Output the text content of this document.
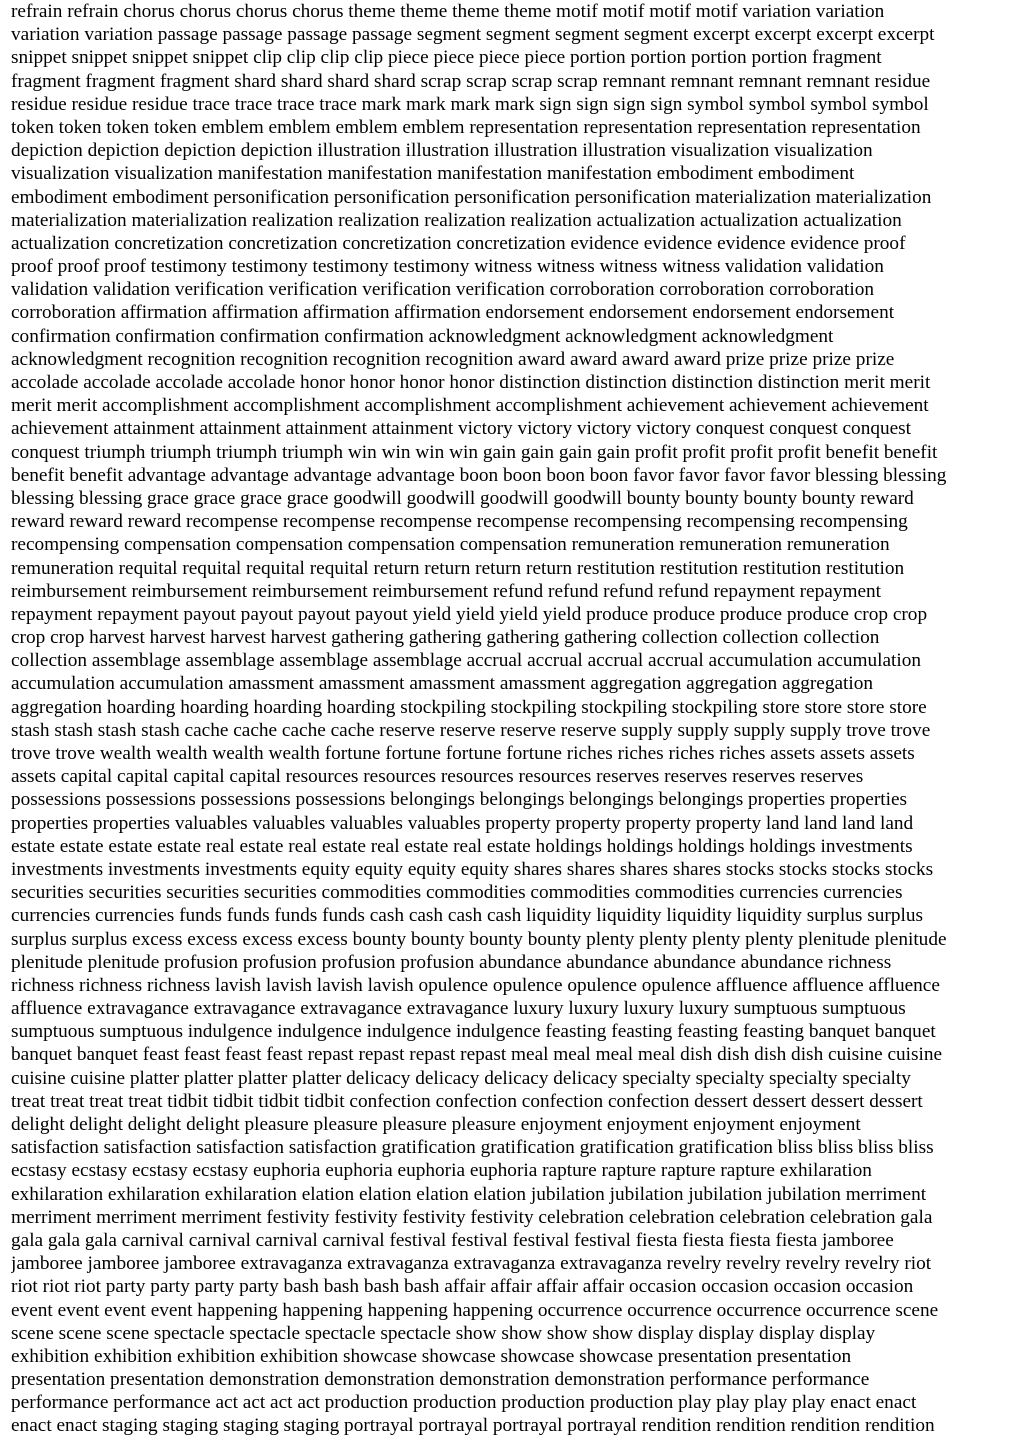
refrain refrain chorus chorus chorus chorus theme theme theme theme motif motif motif motif variation variation
variation variation passage passage passage passage segment segment segment segment excerpt excerpt excerpt excerpt
snippet snippet snippet snippet clip clip clip clip piece piece piece piece portion portion portion portion fragment
fragment fragment fragment shard shard shard shard scrap scrap scrap scrap remnant remnant remnant remnant residue
residue residue residue trace trace trace trace mark mark mark mark sign sign sign sign symbol symbol symbol symbol
token token token token emblem emblem emblem emblem representation representation representation representation
depiction depiction depiction depiction illustration illustration illustration illustration visualization visualization
visualization visualization manifestation manifestation manifestation manifestation embodiment embodiment
embodiment embodiment personification personification personification personification materialization materialization
materialization materialization realization realization realization realization actualization actualization actualization
actualization concretization concretization concretization concretization evidence evidence evidence evidence proof
proof proof proof testimony testimony testimony testimony witness witness witness witness validation validation
validation validation verification verification verification verification corroboration corroboration corroboration
corroboration affirmation affirmation affirmation affirmation endorsement endorsement endorsement endorsement
confirmation confirmation confirmation confirmation acknowledgment acknowledgment acknowledgment
acknowledgment recognition recognition recognition recognition award award award award prize prize prize prize
accolade accolade accolade accolade honor honor honor honor distinction distinction distinction distinction merit merit
merit merit accomplishment accomplishment accomplishment accomplishment achievement achievement achievement
achievement attainment attainment attainment attainment victory victory victory victory conquest conquest conquest
conquest triumph triumph triumph triumph win win win win gain gain gain gain profit profit profit profit benefit benefit
benefit benefit advantage advantage advantage advantage boon boon boon boon favor favor favor favor blessing blessing
blessing blessing grace grace grace grace goodwill goodwill goodwill goodwill bounty bounty bounty bounty reward
reward reward reward recompense recompense recompense recompense recompensing recompensing recompensing
recompensing compensation compensation compensation compensation remuneration remuneration remuneration
remuneration requital requital requital requital return return return return restitution restitution restitution restitution
reimbursement reimbursement reimbursement reimbursement refund refund refund refund repayment repayment
repayment repayment payout payout payout payout yield yield yield yield produce produce produce produce crop crop
crop crop harvest harvest harvest harvest gathering gathering gathering gathering collection collection collection
collection assemblage assemblage assemblage assemblage accrual accrual accrual accrual accumulation accumulation
accumulation accumulation amassment amassment amassment amassment aggregation aggregation aggregation
aggregation hoarding hoarding hoarding hoarding stockpiling stockpiling stockpiling stockpiling store store store store
stash stash stash stash cache cache cache cache reserve reserve reserve reserve supply supply supply supply trove trove
trove trove wealth wealth wealth wealth fortune fortune fortune fortune riches riches riches riches assets assets assets
assets capital capital capital capital resources resources resources resources reserves reserves reserves reserves
possessions possessions possessions possessions belongings belongings belongings belongings properties properties
properties properties valuables valuables valuables valuables property property property property land land land land
estate estate estate estate real estate real estate real estate real estate holdings holdings holdings holdings investments
investments investments investments equity equity equity equity shares shares shares shares stocks stocks stocks stocks
securities securities securities securities commodities commodities commodities commodities currencies currencies
currencies currencies funds funds funds funds cash cash cash cash liquidity liquidity liquidity liquidity surplus surplus
surplus surplus excess excess excess excess bounty bounty bounty bounty plenty plenty plenty plenty plenitude plenitude
plenitude plenitude profusion profusion profusion profusion abundance abundance abundance abundance richness
richness richness richness lavish lavish lavish lavish opulence opulence opulence opulence affluence affluence affluence
affluence extravagance extravagance extravagance extravagance luxury luxury luxury luxury sumptuous sumptuous
sumptuous sumptuous indulgence indulgence indulgence indulgence feasting feasting feasting feasting banquet banquet
banquet banquet feast feast feast feast repast repast repast repast meal meal meal meal dish dish dish dish cuisine cuisine
cuisine cuisine platter platter platter platter delicacy delicacy delicacy delicacy specialty specialty specialty specialty
treat treat treat treat tidbit tidbit tidbit tidbit confection confection confection confection dessert dessert dessert dessert
delight delight delight delight pleasure pleasure pleasure pleasure enjoyment enjoyment enjoyment enjoyment
satisfaction satisfaction satisfaction satisfaction gratification gratification gratification gratification bliss bliss bliss bliss
ecstasy ecstasy ecstasy ecstasy euphoria euphoria euphoria euphoria rapture rapture rapture rapture exhilaration
exhilaration exhilaration exhilaration elation elation elation elation jubilation jubilation jubilation jubilation merriment
merriment merriment merriment festivity festivity festivity festivity celebration celebration celebration celebration gala
gala gala gala carnival carnival carnival carnival festival festival festival festival fiesta fiesta fiesta fiesta jamboree
jamboree jamboree jamboree extravaganza extravaganza extravaganza extravaganza revelry revelry revelry revelry riot
riot riot riot party party party party bash bash bash bash affair affair affair affair occasion occasion occasion occasion
event event event event happening happening happening happening occurrence occurrence occurrence occurrence scene
scene scene scene spectacle spectacle spectacle spectacle show show show show display display display display
exhibition exhibition exhibition exhibition showcase showcase showcase showcase presentation presentation
presentation presentation demonstration demonstration demonstration demonstration performance performance
performance performance act act act act production production production production play play play play enact enact
enact enact staging staging staging staging portrayal portrayal portrayal portrayal rendition rendition rendition rendition
